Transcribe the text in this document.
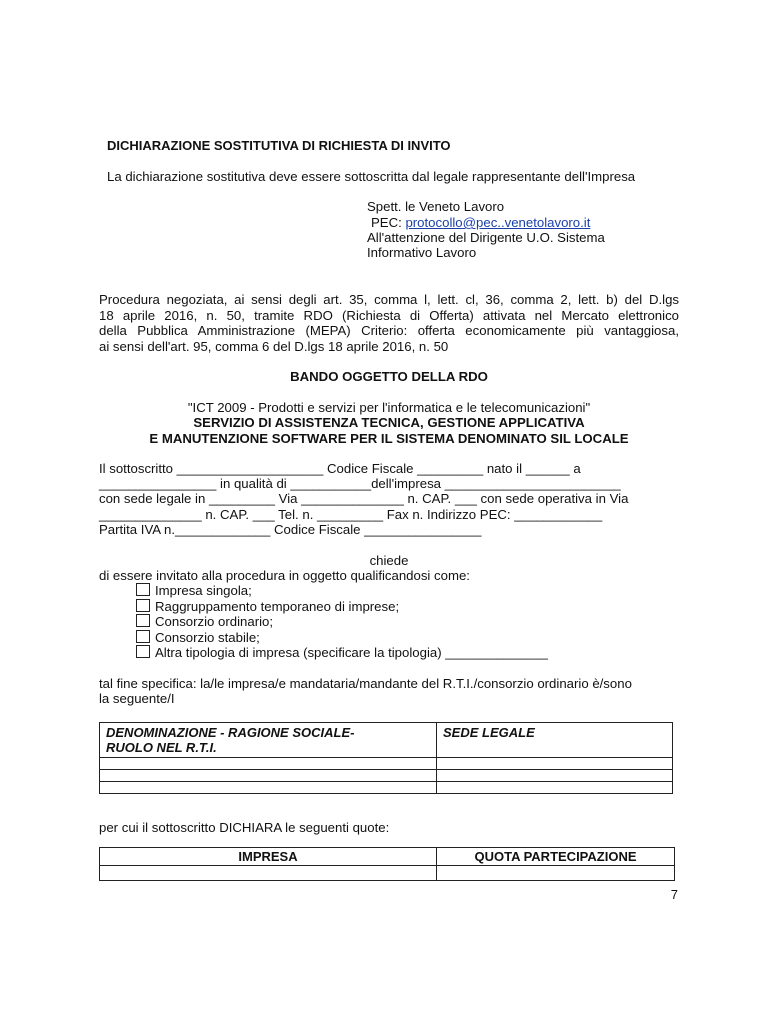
DICHIARAZIONE SOSTITUTIVA DI RICHIESTA DI INVITO
La dichiarazione sostitutiva deve essere sottoscritta dal legale rappresentante dell'Impresa
Spett. le Veneto Lavoro
PEC: protocollo@pec..venetolavoro.it
All'attenzione del Dirigente U.O. Sistema
Informativo Lavoro
Procedura negoziata, ai sensi degli art. 35, comma l, lett. cl, 36, comma 2, lett. b) del D.lgs
18 aprile 2016, n. 50, tramite RDO (Richiesta di Offerta) attivata nel Mercato elettronico
della Pubblica Amministrazione (MEPA) Criterio: offerta economicamente più vantaggiosa,
ai sensi dell'art. 95, comma 6 del D.lgs 18 aprile 2016, n. 50
BANDO OGGETTO DELLA RDO
"ICT 2009 - Prodotti e servizi per l'informatica e le telecomunicazioni"
SERVIZIO DI ASSISTENZA TECNICA, GESTIONE APPLICATIVA
E MANUTENZIONE SOFTWARE PER IL SISTEMA DENOMINATO SIL LOCALE
Il sottoscritto ____________________ Codice Fiscale _________ nato il ______ a
________________ in qualità di ___________dell'impresa ________________________
con sede legale in _________ Via ______________ n. CAP. ___ con sede operativa in Via
______________ n. CAP. ___ Tel. n. _________ Fax n. Indirizzo PEC: ____________
Partita IVA n._____________ Codice Fiscale ________________
chiede
di essere invitato alla procedura in oggetto qualificandosi come:
Impresa singola;
Raggruppamento temporaneo di imprese;
Consorzio ordinario;
Consorzio stabile;
Altra tipologia di impresa (specificare la tipologia) ______________
tal fine specifica: la/le impresa/e mandataria/mandante del R.T.I./consorzio ordinario è/sono
la seguente/I
DENOMINAZIONE - RAGIONE SOCIALE-
RUOLO NEL R.T.I.	SEDE LEGALE

per cui il sottoscritto DICHIARA le seguenti quote:
IMPRESA	QUOTA PARTECIPAZIONE

7
